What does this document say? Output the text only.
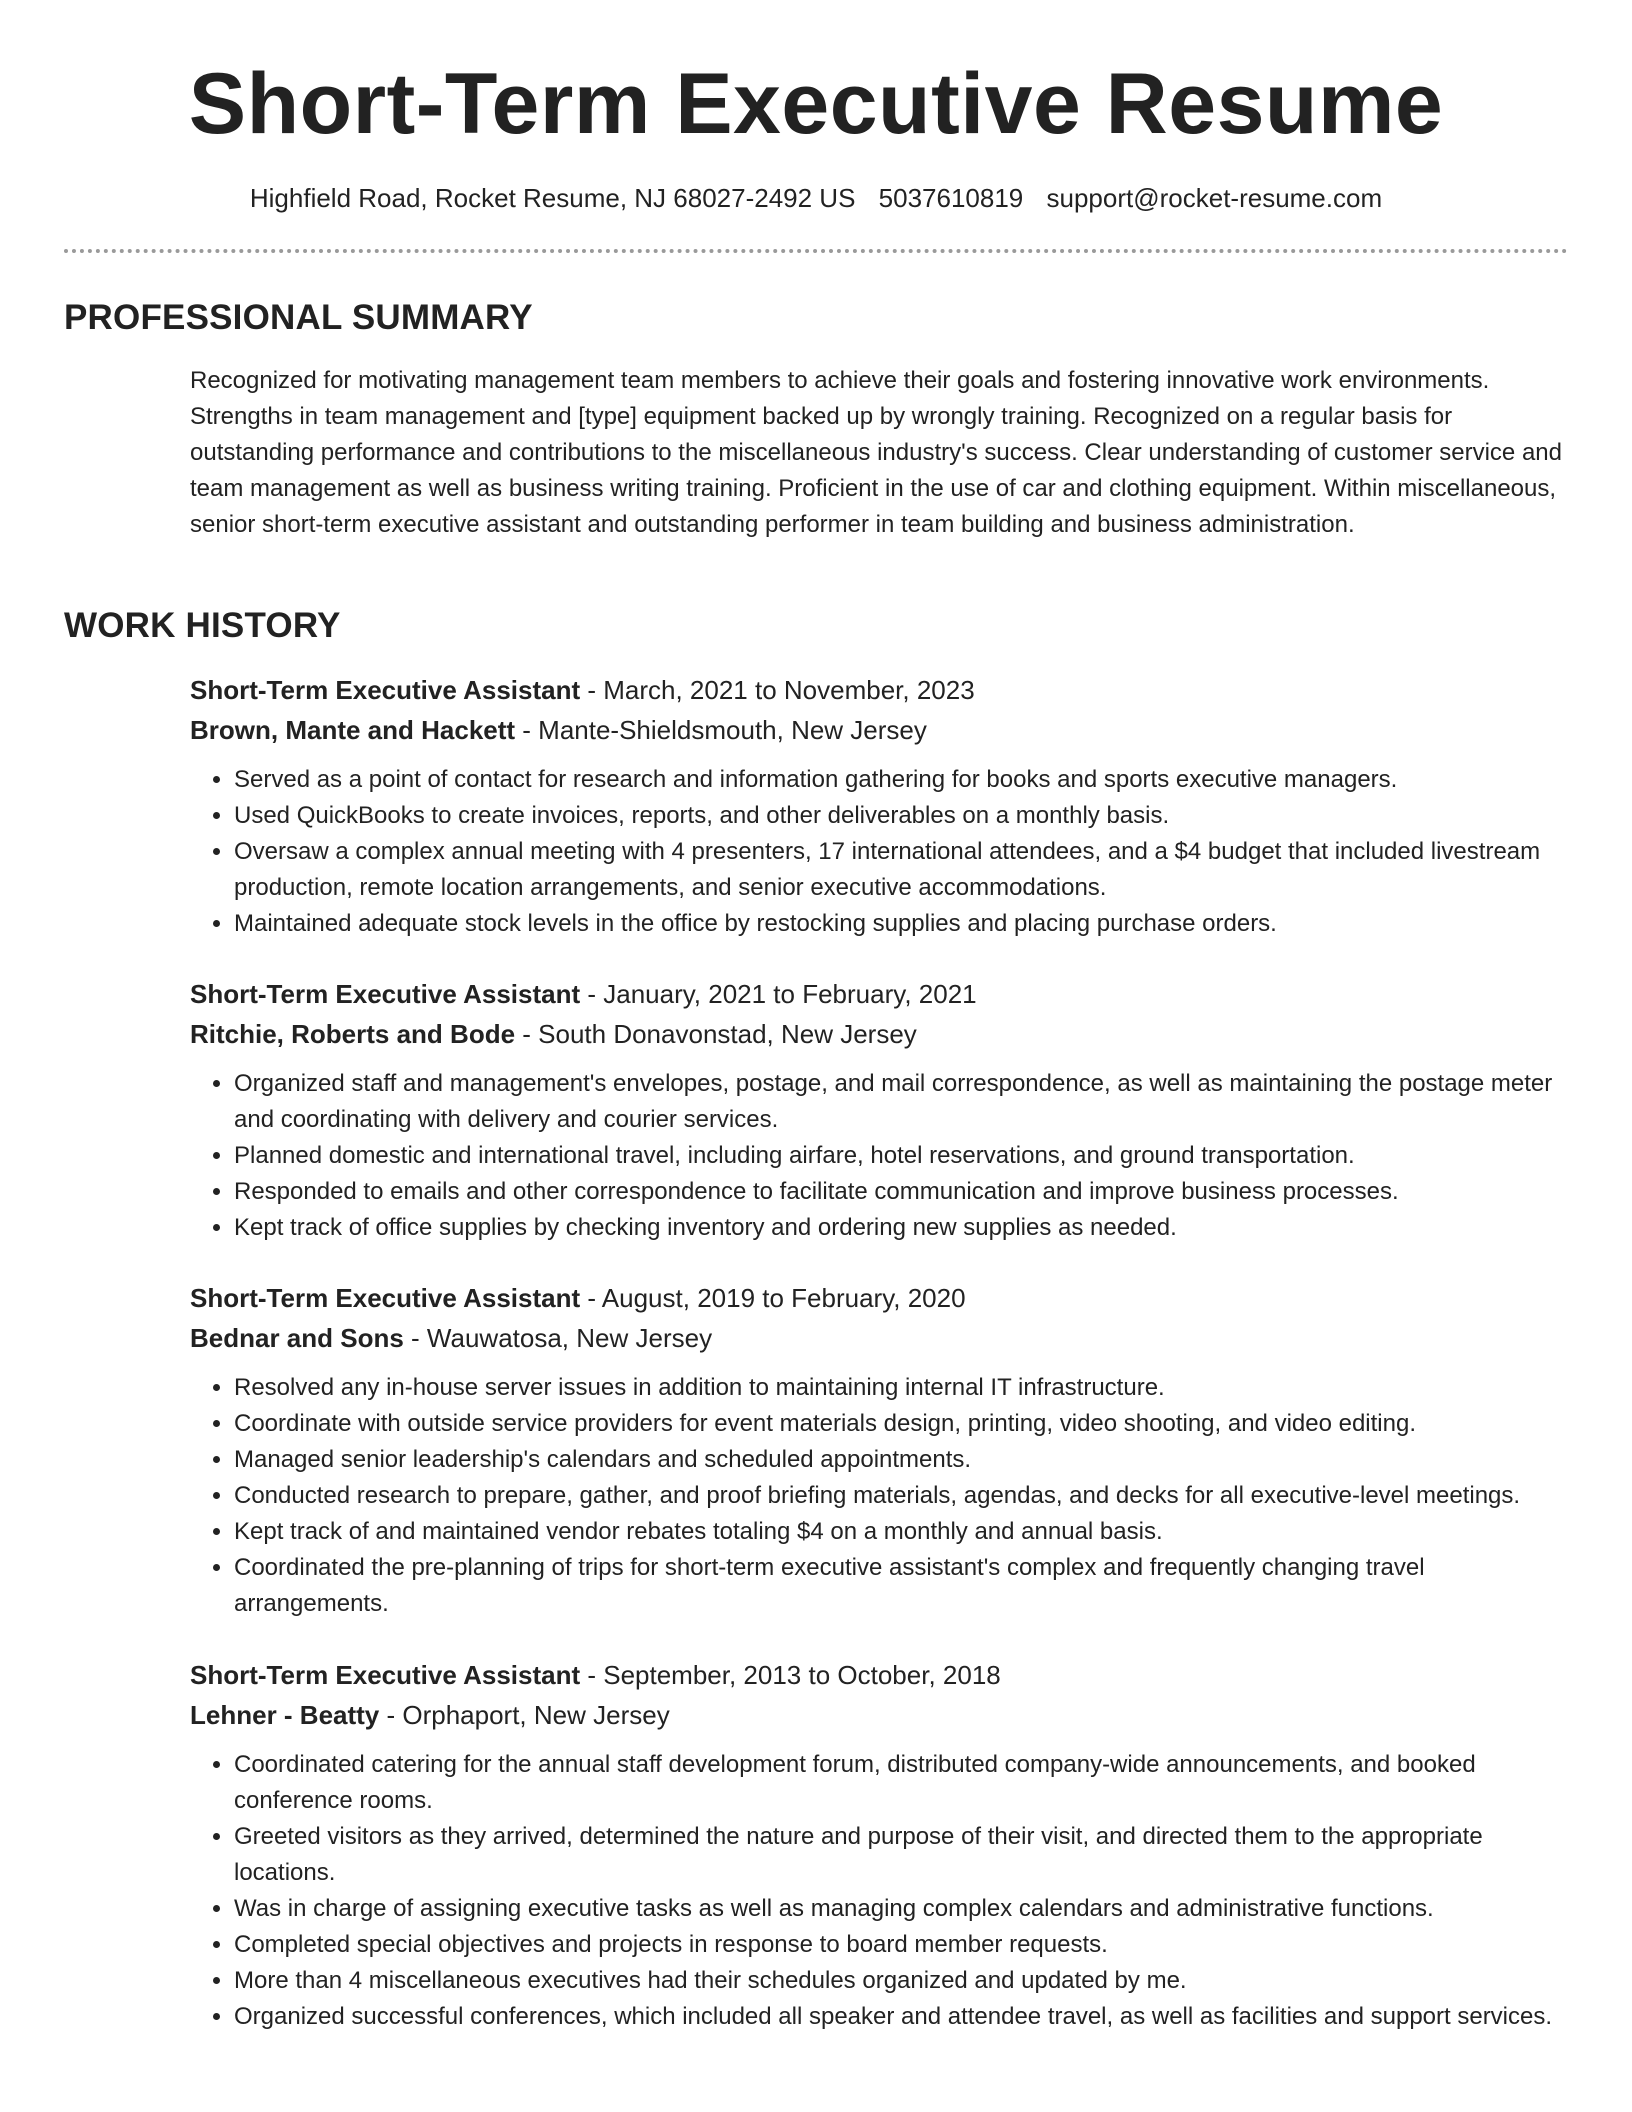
Short-Term Executive Resume
Highfield Road, Rocket Resume, NJ 68027-2492 US 5037610819 support@rocket-resume.com
PROFESSIONAL SUMMARY
Recognized for motivating management team members to achieve their goals and fostering innovative work environments. Strengths in team management and [type] equipment backed up by wrongly training. Recognized on a regular basis for outstanding performance and contributions to the miscellaneous industry's success. Clear understanding of customer service and team management as well as business writing training. Proficient in the use of car and clothing equipment. Within miscellaneous, senior short-term executive assistant and outstanding performer in team building and business administration.
WORK HISTORY
Short-Term Executive Assistant - March, 2021 to November, 2023
Brown, Mante and Hackett - Mante-Shieldsmouth, New Jersey
• Served as a point of contact for research and information gathering for books and sports executive managers.
• Used QuickBooks to create invoices, reports, and other deliverables on a monthly basis.
• Oversaw a complex annual meeting with 4 presenters, 17 international attendees, and a $4 budget that included livestream production, remote location arrangements, and senior executive accommodations.
• Maintained adequate stock levels in the office by restocking supplies and placing purchase orders.
Short-Term Executive Assistant - January, 2021 to February, 2021
Ritchie, Roberts and Bode - South Donavonstad, New Jersey
• Organized staff and management's envelopes, postage, and mail correspondence, as well as maintaining the postage meter and coordinating with delivery and courier services.
• Planned domestic and international travel, including airfare, hotel reservations, and ground transportation.
• Responded to emails and other correspondence to facilitate communication and improve business processes.
• Kept track of office supplies by checking inventory and ordering new supplies as needed.
Short-Term Executive Assistant - August, 2019 to February, 2020
Bednar and Sons - Wauwatosa, New Jersey
• Resolved any in-house server issues in addition to maintaining internal IT infrastructure.
• Coordinate with outside service providers for event materials design, printing, video shooting, and video editing.
• Managed senior leadership's calendars and scheduled appointments.
• Conducted research to prepare, gather, and proof briefing materials, agendas, and decks for all executive-level meetings.
• Kept track of and maintained vendor rebates totaling $4 on a monthly and annual basis.
• Coordinated the pre-planning of trips for short-term executive assistant's complex and frequently changing travel arrangements.
Short-Term Executive Assistant - September, 2013 to October, 2018
Lehner - Beatty - Orphaport, New Jersey
• Coordinated catering for the annual staff development forum, distributed company-wide announcements, and booked conference rooms.
• Greeted visitors as they arrived, determined the nature and purpose of their visit, and directed them to the appropriate locations.
• Was in charge of assigning executive tasks as well as managing complex calendars and administrative functions.
• Completed special objectives and projects in response to board member requests.
• More than 4 miscellaneous executives had their schedules organized and updated by me.
• Organized successful conferences, which included all speaker and attendee travel, as well as facilities and support services.
